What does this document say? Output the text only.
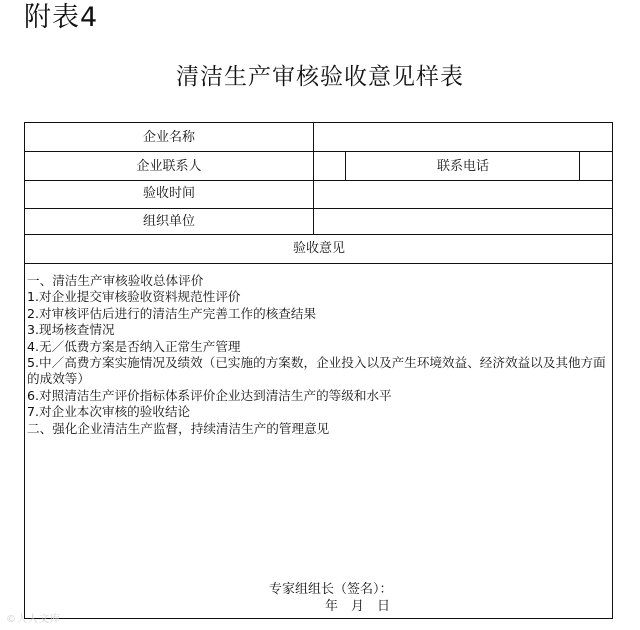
附表4
清洁生产审核验收意见样表
企业名称
企业联系人	联系电话
验收时间
组织单位
验收意见
一、清洁生产审核验收总体评价
1.对企业提交审核验收资料规范性评价
2.对审核评估后进行的清洁生产完善工作的核查结果
3.现场核查情况
4.无／低费方案是否纳入正常生产管理
5.中／高费方案实施情况及绩效（已实施的方案数，企业投入以及产生环境效益、经济效益以及其他方面的成效等）
6.对照清洁生产评价指标体系评价企业达到清洁生产的等级和水平
7.对企业本次审核的验收结论
二、强化企业清洁生产监督，持续清洁生产的管理意见
专家组组长（签名）：
年　月　日
©人人文库
